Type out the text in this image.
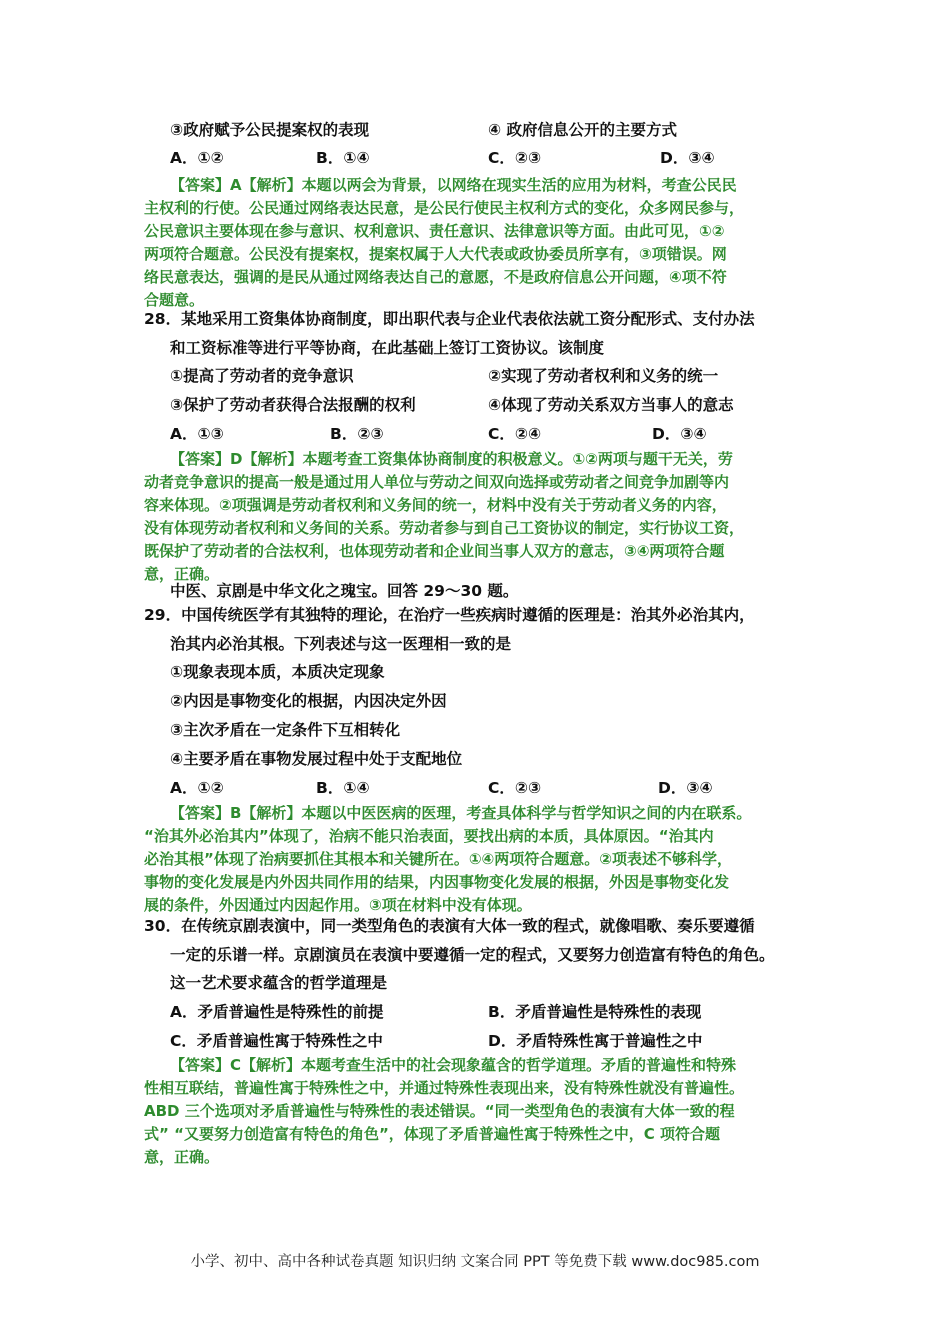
③政府赋予公民提案权的表现	④ 政府信息公开的主要方式
A．①②	B．①④	C．②③	D．③④
【答案】A【解析】本题以两会为背景，以网络在现实生活的应用为材料，考查公民民
主权利的行使。公民通过网络表达民意，是公民行使民主权利方式的变化，众多网民参与，
公民意识主要体现在参与意识、权利意识、责任意识、法律意识等方面。由此可见，①②
两项符合题意。公民没有提案权，提案权属于人大代表或政协委员所享有，③项错误。网
络民意表达，强调的是民从通过网络表达自己的意愿，不是政府信息公开问题，④项不符
合题意。
28．某地采用工资集体协商制度，即出职代表与企业代表依法就工资分配形式、支付办法
和工资标准等进行平等协商，在此基础上签订工资协议。该制度
①提高了劳动者的竞争意识	②实现了劳动者权利和义务的统一
③保护了劳动者获得合法报酬的权利	④体现了劳动关系双方当事人的意志
A．①③	B．②③	C．②④	D．③④
【答案】D【解析】本题考查工资集体协商制度的积极意义。①②两项与题干无关，劳
动者竞争意识的提高一般是通过用人单位与劳动之间双向选择或劳动者之间竞争加剧等内
容来体现。②项强调是劳动者权利和义务间的统一，材料中没有关于劳动者义务的内容，
没有体现劳动者权利和义务间的关系。劳动者参与到自己工资协议的制定，实行协议工资，
既保护了劳动者的合法权利，也体现劳动者和企业间当事人双方的意志，③④两项符合题
意，正确。
中医、京剧是中华文化之瑰宝。回答 29～30 题。
29．中国传统医学有其独特的理论，在治疗一些疾病时遵循的医理是：治其外必治其内，
治其内必治其根。下列表述与这一医理相一致的是
①现象表现本质，本质决定现象
②内因是事物变化的根据，内因决定外因
③主次矛盾在一定条件下互相转化
④主要矛盾在事物发展过程中处于支配地位
A．①②	B．①④	C．②③	D．③④
【答案】B【解析】本题以中医医病的医理，考查具体科学与哲学知识之间的内在联系。
“治其外必治其内”体现了，治病不能只治表面，要找出病的本质，具体原因。“治其内
必治其根”体现了治病要抓住其根本和关键所在。①④两项符合题意。②项表述不够科学，
事物的变化发展是内外因共同作用的结果，内因事物变化发展的根据，外因是事物变化发
展的条件，外因通过内因起作用。③项在材料中没有体现。
30．在传统京剧表演中，同一类型角色的表演有大体一致的程式，就像唱歌、奏乐要遵循
一定的乐谱一样。京剧演员在表演中要遵循一定的程式，又要努力创造富有特色的角色。
这一艺术要求蕴含的哲学道理是
A．矛盾普遍性是特殊性的前提	B．矛盾普遍性是特殊性的表现
C．矛盾普遍性寓于特殊性之中	D．矛盾特殊性寓于普遍性之中
【答案】C【解析】本题考查生活中的社会现象蕴含的哲学道理。矛盾的普遍性和特殊
性相互联结，普遍性寓于特殊性之中，并通过特殊性表现出来，没有特殊性就没有普遍性。
ABD 三个选项对矛盾普遍性与特殊性的表述错误。“同一类型角色的表演有大体一致的程
式” “又要努力创造富有特色的角色”，体现了矛盾普遍性寓于特殊性之中，C 项符合题
意，正确。
小学、初中、高中各种试卷真题 知识归纳 文案合同 PPT 等免费下载 www.doc985.com
